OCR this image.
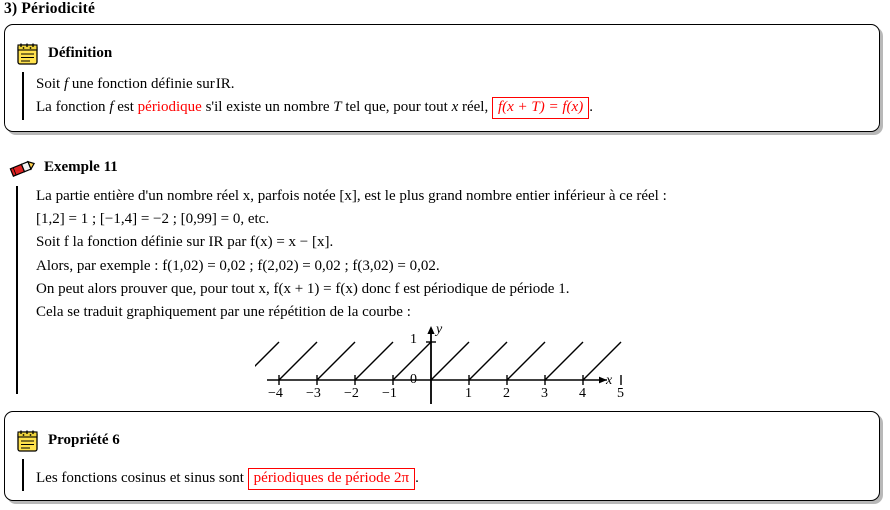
3) Périodicité
Définition
Soit f une fonction définie surIR.
La fonction f est périodique s'il existe un nombre T tel que, pour tout x réel, f(x + T) = f(x) .
Exemple 11
La partie entière d'un nombre réel x, parfois notée [x], est le plus grand nombre entier inférieur à ce réel :
[1,2] = 1 ; [−1,4] = −2 ; [0,99] = 0, etc.
Soit f la fonction définie sur IR par f(x) = x − [x].
Alors, par exemple : f(1,02) = 0,02 ; f(2,02) = 0,02 ; f(3,02) = 0,02.
On peut alors prouver que, pour tout x, f(x + 1) = f(x) donc f est périodique de période 1.
Cela se traduit graphiquement par une répétition de la courbe :
x
y
1
0
−4 −3 −2 −1	1 2 3 4 5
Propriété 6
Les fonctions cosinus et sinus sont périodiques de période 2π .
